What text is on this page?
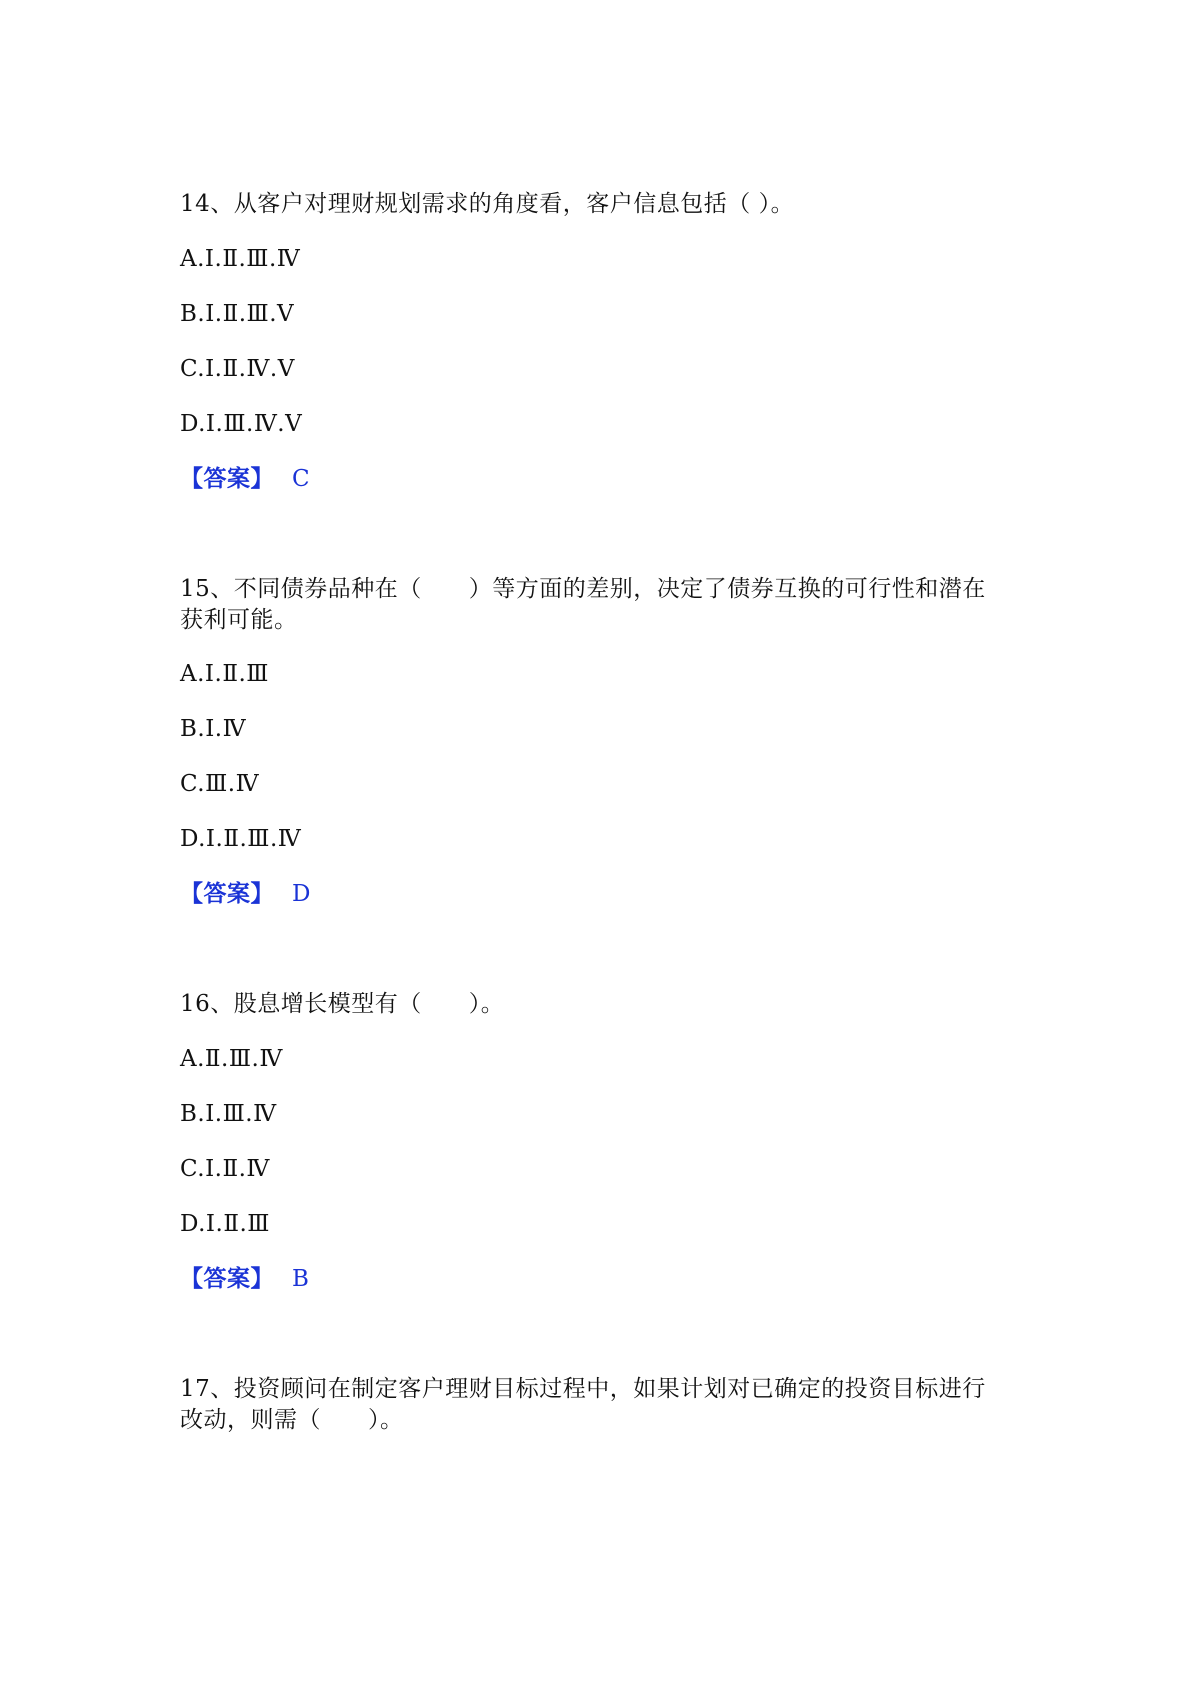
14、从客户对理财规划需求的角度看，客户信息包括（ ）。
A.Ⅰ.Ⅱ.Ⅲ.Ⅳ
B.Ⅰ.Ⅱ.Ⅲ.Ⅴ
C.Ⅰ.Ⅱ.Ⅳ.Ⅴ
D.Ⅰ.Ⅲ.Ⅳ.Ⅴ
【答案】 C
15、不同债券品种在（　　）等方面的差别，决定了债券互换的可行性和潜在
获利可能。
A.Ⅰ.Ⅱ.Ⅲ
B.Ⅰ.Ⅳ
C.Ⅲ.Ⅳ
D.Ⅰ.Ⅱ.Ⅲ.Ⅳ
【答案】 D
16、股息增长模型有（　　）。
A.Ⅱ.Ⅲ.Ⅳ
B.Ⅰ.Ⅲ.Ⅳ
C.Ⅰ.Ⅱ.Ⅳ
D.Ⅰ.Ⅱ.Ⅲ
【答案】 B
17、投资顾问在制定客户理财目标过程中，如果计划对已确定的投资目标进行
改动，则需（　　）。
